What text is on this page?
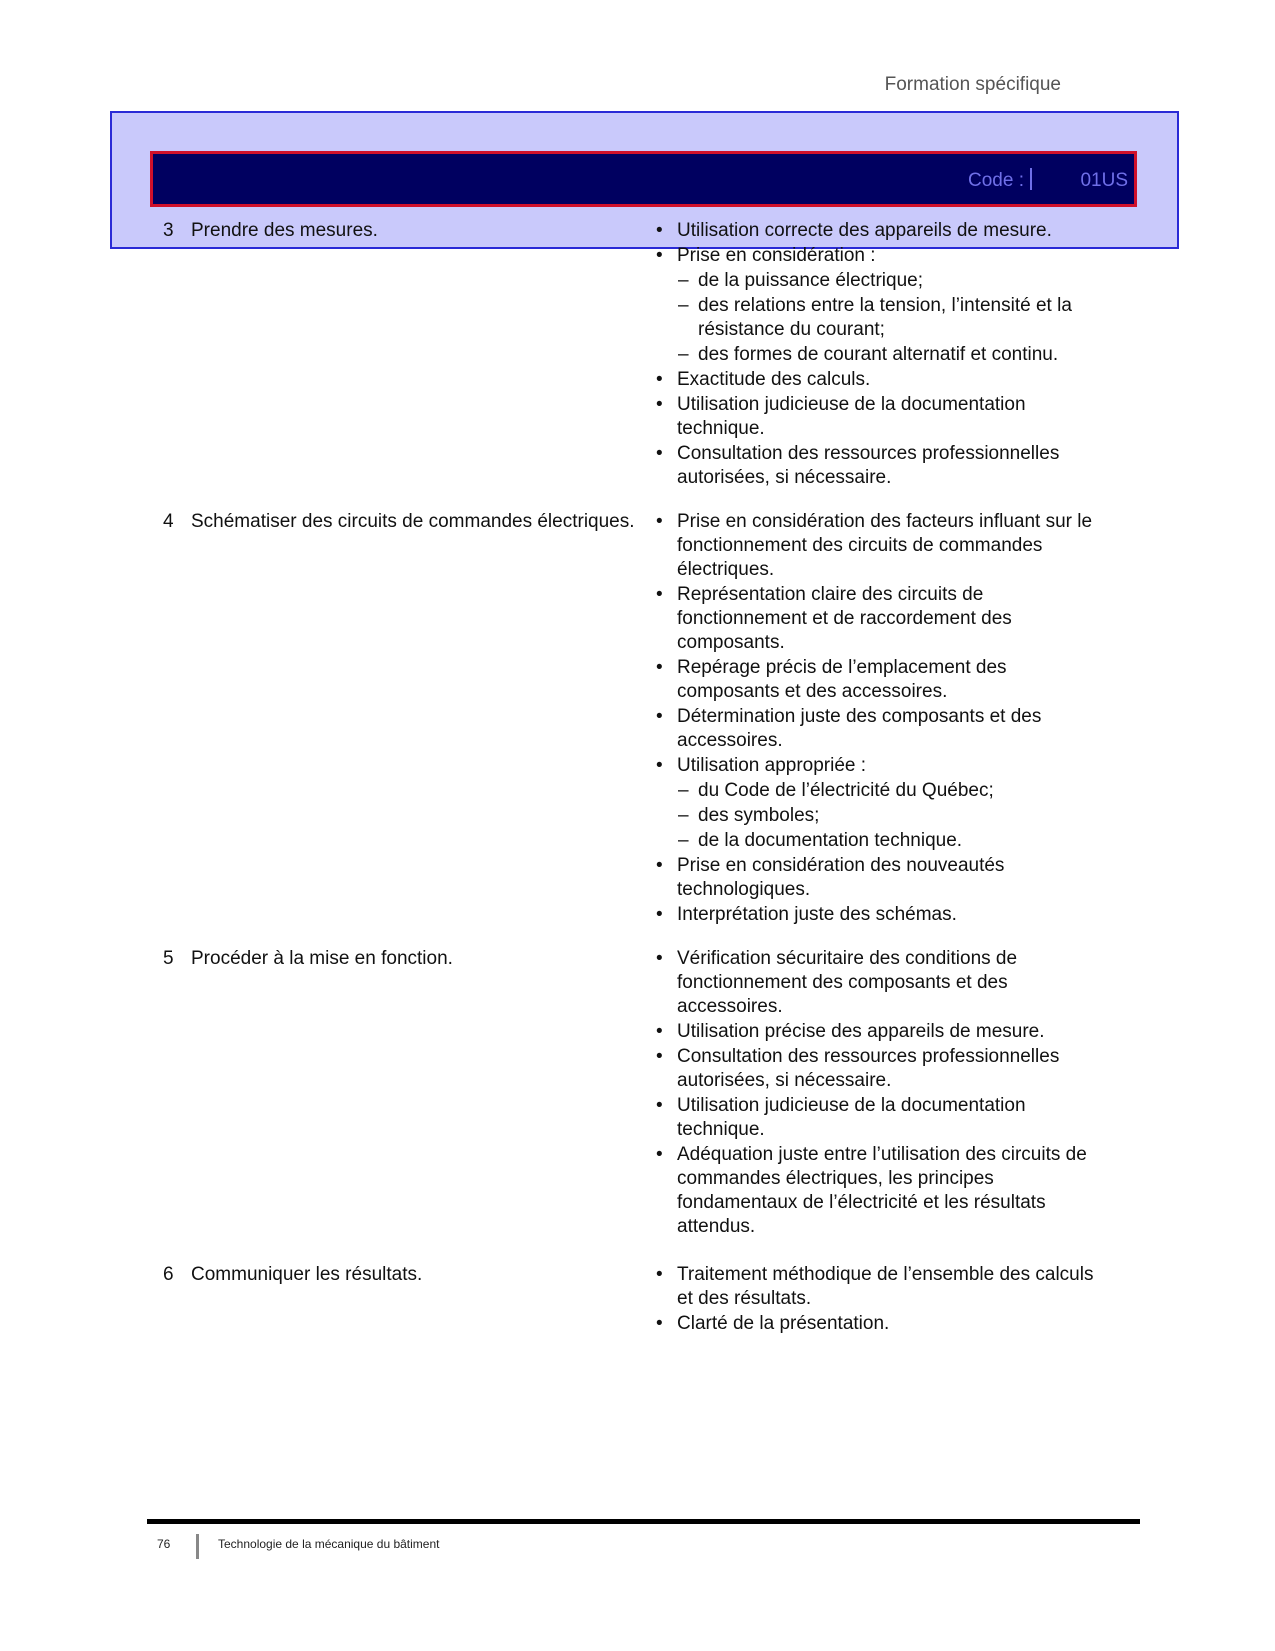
Formation spécifique
Code :	01US
3 Prendre des mesures.	• Utilisation correcte des appareils de mesure.
• Prise en considération :
– de la puissance électrique;
– des relations entre la tension, l’intensité et la résistance du courant;
– des formes de courant alternatif et continu.
• Exactitude des calculs.
• Utilisation judicieuse de la documentation technique.
• Consultation des ressources professionnelles autorisées, si nécessaire.
4 Schématiser des circuits de commandes électriques.	• Prise en considération des facteurs influant sur le fonctionnement des circuits de commandes électriques.
• Représentation claire des circuits de fonctionnement et de raccordement des composants.
• Repérage précis de l’emplacement des composants et des accessoires.
• Détermination juste des composants et des accessoires.
• Utilisation appropriée :
– du Code de l’électricité du Québec;
– des symboles;
– de la documentation technique.
• Prise en considération des nouveautés technologiques.
• Interprétation juste des schémas.
5 Procéder à la mise en fonction.	• Vérification sécuritaire des conditions de fonctionnement des composants et des accessoires.
• Utilisation précise des appareils de mesure.
• Consultation des ressources professionnelles autorisées, si nécessaire.
• Utilisation judicieuse de la documentation technique.
• Adéquation juste entre l’utilisation des circuits de commandes électriques, les principes fondamentaux de l’électricité et les résultats attendus.
6 Communiquer les résultats.	• Traitement méthodique de l’ensemble des calculs et des résultats.
• Clarté de la présentation.
76	Technologie de la mécanique du bâtiment
